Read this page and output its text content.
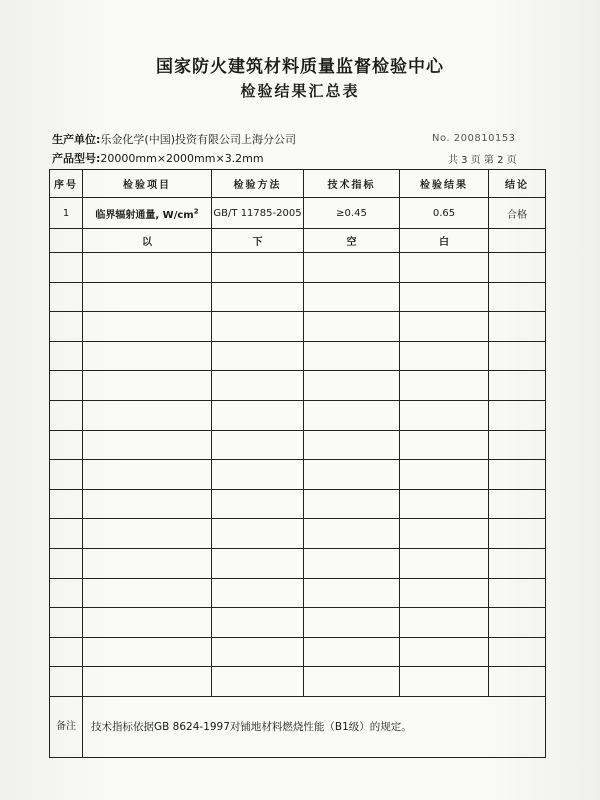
国家防火建筑材料质量监督检验中心
检验结果汇总表
生产单位:乐金化学(中国)投资有限公司上海分公司
产品型号:20000mm×2000mm×3.2mm
No. 200810153
共 3 页 第 2 页
序号	检验项目	检验方法	技术指标	检验结果	结论
1	临界辐射通量, $W/cm^2$	GB/T 11785-2005	≥0.45	0.65	合格
	以	下	空	白	

备注	技术指标依据GB 8624-1997对铺地材料燃烧性能（B1级）的规定。				
